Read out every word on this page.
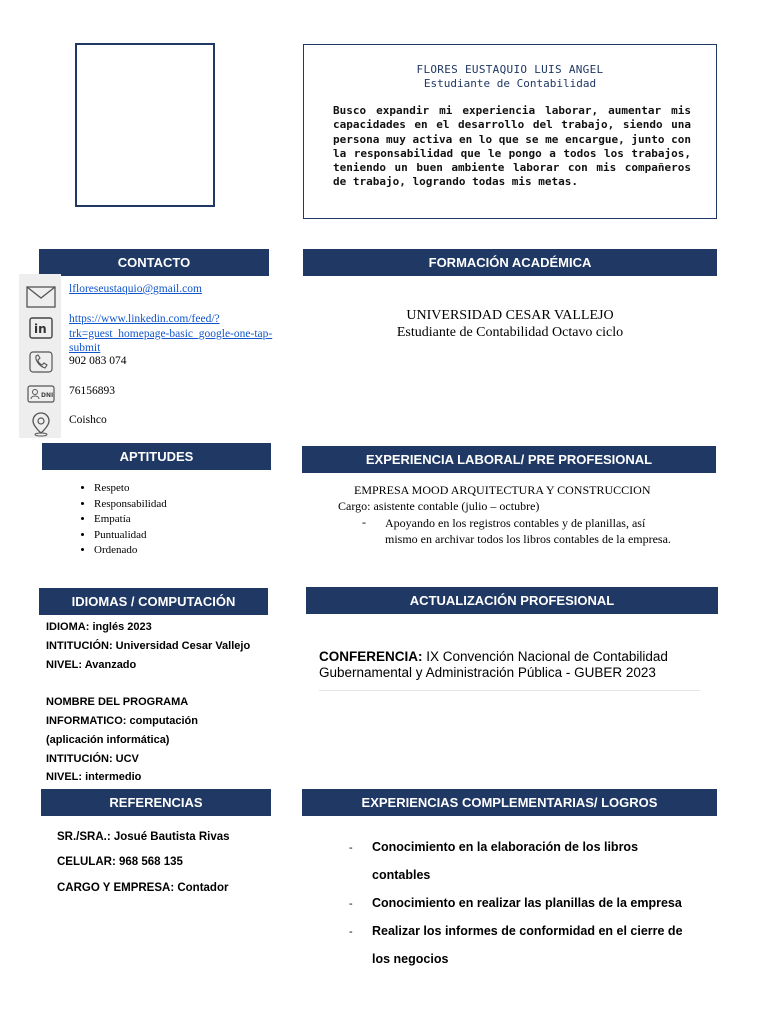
FLORES EUSTAQUIO LUIS ANGEL
Estudiante de Contabilidad
Busco expandir mi experiencia laborar, aumentar mis capacidades en el desarrollo del trabajo, siendo una persona muy activa en lo que se me encargue, junto con la responsabilidad que le pongo a todos los trabajos, teniendo un buen ambiente laborar con mis compañeros de trabajo, logrando todas mis metas.
CONTACTO
in
DNI
lfloreseustaquio@gmail.com
https://www.linkedin.com/feed/?
trk=guest_homepage-basic_google-one-tap-
submit
902 083 074
76156893
Coishco
FORMACIÓN ACADÉMICA
UNIVERSIDAD CESAR VALLEJO
Estudiante de Contabilidad Octavo ciclo
APTITUDES
• Respeto
• Responsabilidad
• Empatía
• Puntualidad
• Ordenado
EXPERIENCIA LABORAL/ PRE PROFESIONAL
EMPRESA MOOD ARQUITECTURA Y CONSTRUCCION
Cargo: asistente contable (julio – octubre)
- Apoyando en los registros contables y de planillas, así
mismo en archivar todos los libros contables de la empresa.
IDIOMAS / COMPUTACIÓN
IDIOMA: inglés 2023
INTITUCIÓN: Universidad Cesar Vallejo
NIVEL: Avanzado
NOMBRE DEL PROGRAMA
INFORMATICO: computación
(aplicación informática)
INTITUCIÓN: UCV
NIVEL: intermedio
ACTUALIZACIÓN PROFESIONAL
CONFERENCIA: IX Convención Nacional de Contabilidad
Gubernamental y Administración Pública - GUBER 2023
REFERENCIAS
SR./SRA.: Josué Bautista Rivas
CELULAR: 968 568 135
CARGO Y EMPRESA: Contador
EXPERIENCIAS COMPLEMENTARIAS/ LOGROS
- Conocimiento en la elaboración de los libros
contables
- Conocimiento en realizar las planillas de la empresa
- Realizar los informes de conformidad en el cierre de
los negocios
